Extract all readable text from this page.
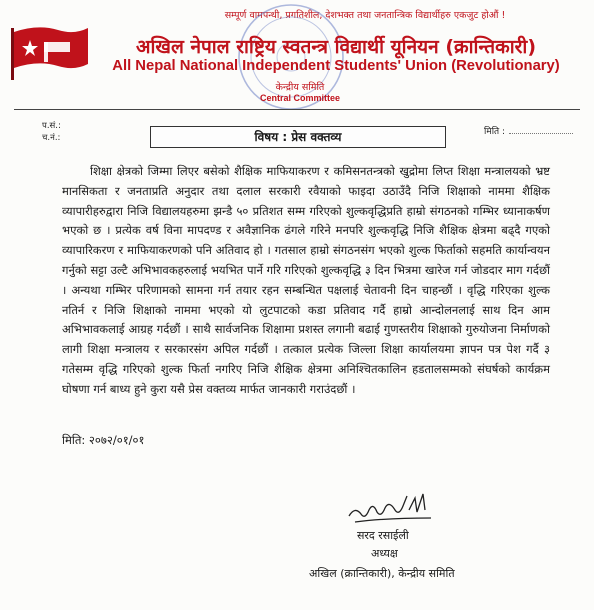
सम्पूर्ण वामपन्थी, प्रगतिशील, देशभक्त तथा जनतान्त्रिक विद्यार्थीहरु एकजुट होऔं !
अखिल नेपाल राष्ट्रिय स्वतन्त्र विद्यार्थी यूनियन (क्रान्तिकारी)
All Nepal National Independent Students' Union (Revolutionary)
केन्द्रीय समिति
Central Committee
प.सं.:
च.नं.:
मिति :
विषय : प्रेस वक्तव्य

शिक्षा क्षेत्रको जिम्मा लिएर बसेको शैक्षिक माफियाकरण र कमिसनतन्त्रको खुद्रोमा लिप्त शिक्षा मन्त्रालयको भ्रष्ट मानसिकता र जनताप्रति अनुदार तथा दलाल सरकारी रवैयाको फाइदा उठाउँदै निजि शिक्षाको नाममा शैक्षिक व्यापारीहरुद्वारा निजि विद्यालयहरुमा झन्डै ५० प्रतिशत सम्म गरिएको शुल्कवृद्धिप्रति हाम्रो संगठनको गम्भिर ध्यानाकर्षण भएको छ । प्रत्येक वर्ष विना मापदण्ड र अवैज्ञानिक ढंगले गरिने मनपरि शुल्कवृद्धि निजि शैक्षिक क्षेत्रमा बढ्दै गएको व्यापारिकरण र माफियाकरणको पनि अतिवाद हो । गतसाल हाम्रो संगठनसंग भएको शुल्क फिर्ताको सहमति कार्यान्वयन गर्नुको सट्टा उल्टै अभिभावकहरुलाई भयभित पार्ने गरि गरिएको शुल्कवृद्धि ३ दिन भित्रमा खारेज गर्न जोडदार माग गर्दछौं । अन्यथा गम्भिर परिणामको सामना गर्न तयार रहन सम्बन्धित पक्षलाई चेतावनी दिन चाहन्छौं । वृद्धि गरिएका शुल्क नतिर्न र निजि शिक्षाको नाममा भएको यो लुटपाटको कडा प्रतिवाद गर्दै हाम्रो आन्दोलनलाई साथ दिन आम अभिभावकलाई आग्रह गर्दछौं । साथै सार्वजनिक शिक्षामा प्रशस्त लगानी बढाई गुणस्तरीय शिक्षाको गुरुयोजना निर्माणको लागी शिक्षा मन्त्रालय र सरकारसंग अपिल गर्दछौं । तत्काल प्रत्येक जिल्ला शिक्षा कार्यालयमा ज्ञापन पत्र पेश गर्दै ३ गतेसम्म वृद्धि गरिएको शुल्क फिर्ता नगरिए निजि शैक्षिक क्षेत्रमा अनिश्चितकालिन हडतालसम्मको संघर्षको कार्यक्रम घोषणा गर्न बाध्य हुने कुरा यसै प्रेस वक्तव्य मार्फत जानकारी गराउंदछौं ।

मिति: २०७२/०१/०१
सरद रसाईली
अध्यक्ष
अखिल (क्रान्तिकारी), केन्द्रीय समिति
